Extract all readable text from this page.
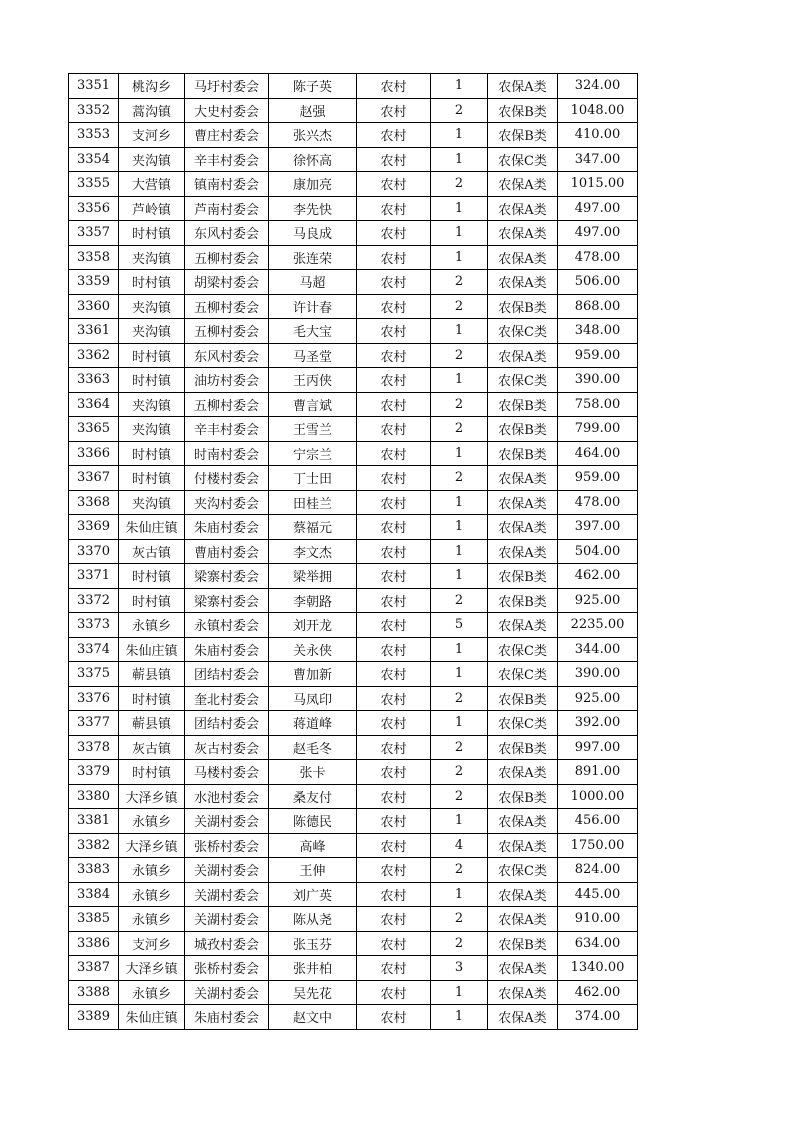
3351	桃沟乡	马圩村委会	陈子英	农村	1	农保A类	324.00
3352	蒿沟镇	大史村委会	赵强	农村	2	农保B类	1048.00
3353	支河乡	曹庄村委会	张兴杰	农村	1	农保B类	410.00
3354	夹沟镇	辛丰村委会	徐怀高	农村	1	农保C类	347.00
3355	大营镇	镇南村委会	康加亮	农村	2	农保A类	1015.00
3356	芦岭镇	芦南村委会	李先快	农村	1	农保A类	497.00
3357	时村镇	东风村委会	马良成	农村	1	农保A类	497.00
3358	夹沟镇	五柳村委会	张连荣	农村	1	农保A类	478.00
3359	时村镇	胡梁村委会	马超	农村	2	农保A类	506.00
3360	夹沟镇	五柳村委会	许计春	农村	2	农保B类	868.00
3361	夹沟镇	五柳村委会	毛大宝	农村	1	农保C类	348.00
3362	时村镇	东风村委会	马圣堂	农村	2	农保A类	959.00
3363	时村镇	油坊村委会	王丙侠	农村	1	农保C类	390.00
3364	夹沟镇	五柳村委会	曹言斌	农村	2	农保B类	758.00
3365	夹沟镇	辛丰村委会	王雪兰	农村	2	农保B类	799.00
3366	时村镇	时南村委会	宁宗兰	农村	1	农保B类	464.00
3367	时村镇	付楼村委会	丁士田	农村	2	农保A类	959.00
3368	夹沟镇	夹沟村委会	田桂兰	农村	1	农保A类	478.00
3369	朱仙庄镇	朱庙村委会	蔡福元	农村	1	农保A类	397.00
3370	灰古镇	曹庙村委会	李文杰	农村	1	农保A类	504.00
3371	时村镇	梁寨村委会	梁举拥	农村	1	农保B类	462.00
3372	时村镇	梁寨村委会	李朝路	农村	2	农保B类	925.00
3373	永镇乡	永镇村委会	刘开龙	农村	5	农保A类	2235.00
3374	朱仙庄镇	朱庙村委会	关永侠	农村	1	农保C类	344.00
3375	蕲县镇	团结村委会	曹加新	农村	1	农保C类	390.00
3376	时村镇	奎北村委会	马凤印	农村	2	农保B类	925.00
3377	蕲县镇	团结村委会	蒋道峰	农村	1	农保C类	392.00
3378	灰古镇	灰古村委会	赵毛冬	农村	2	农保B类	997.00
3379	时村镇	马楼村委会	张卡	农村	2	农保A类	891.00
3380	大泽乡镇	水池村委会	桑友付	农村	2	农保B类	1000.00
3381	永镇乡	关湖村委会	陈德民	农村	1	农保A类	456.00
3382	大泽乡镇	张桥村委会	高峰	农村	4	农保A类	1750.00
3383	永镇乡	关湖村委会	王伸	农村	2	农保C类	824.00
3384	永镇乡	关湖村委会	刘广英	农村	1	农保A类	445.00
3385	永镇乡	关湖村委会	陈从尧	农村	2	农保A类	910.00
3386	支河乡	城孜村委会	张玉芬	农村	2	农保B类	634.00
3387	大泽乡镇	张桥村委会	张井柏	农村	3	农保A类	1340.00
3388	永镇乡	关湖村委会	吴先花	农村	1	农保A类	462.00
3389	朱仙庄镇	朱庙村委会	赵文中	农村	1	农保A类	374.00
